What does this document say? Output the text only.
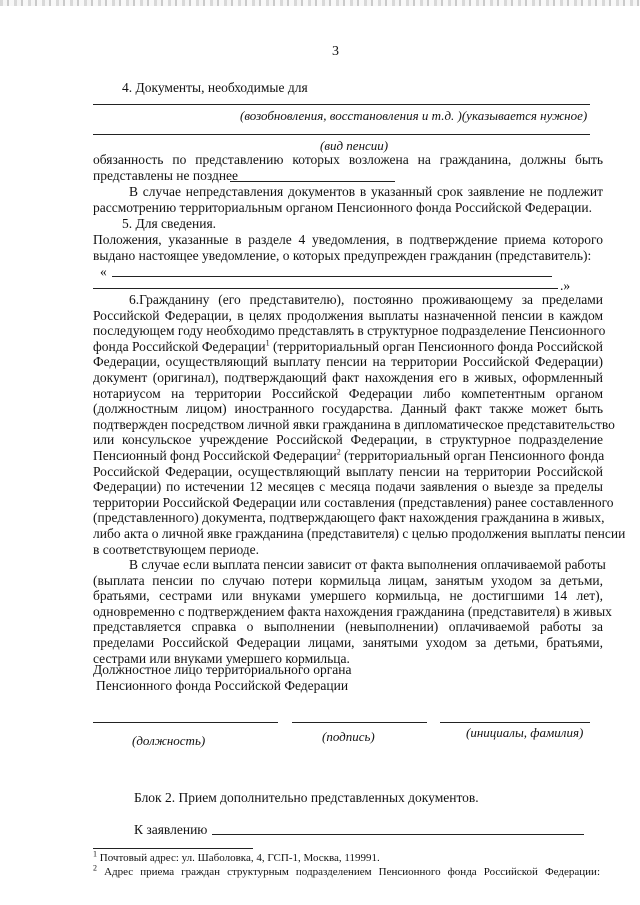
3
4. Документы, необходимые для
(возобновления, восстановления и т.д. )(указывается нужное)
(вид пенсии)
обязанность по представлению которых возложена на гражданина, должны быть
представлены не позднее
В случае непредставления документов в указанный срок заявление не подлежит
рассмотрению территориальным органом Пенсионного фонда Российской Федерации.
5. Для сведения.
Положения, указанные в разделе 4 уведомления, в подтверждение приема которого
выдано настоящее уведомление, о которых предупрежден гражданин (представитель):
«
.»
6.Гражданину (его представителю), постоянно проживающему за пределами
Российской Федерации, в целях продолжения выплаты назначенной пенсии в каждом
последующем году необходимо представлять в структурное подразделение Пенсионного
фонда Российской Федерации$^1$ (территориальный орган Пенсионного фонда Российской
Федерации, осуществляющий выплату пенсии на территории Российской Федерации)
документ (оригинал), подтверждающий факт нахождения его в живых, оформленный
нотариусом на территории Российской Федерации либо компетентным органом
(должностным лицом) иностранного государства. Данный факт также может быть
подтвержден посредством личной явки гражданина в дипломатическое представительство
или консульское учреждение Российской Федерации, в структурное подразделение
Пенсионный фонд Российской Федерации$^2$ (территориальный орган Пенсионного фонда
Российской Федерации, осуществляющий выплату пенсии на территории Российской
Федерации) по истечении 12 месяцев с месяца подачи заявления о выезде за пределы
территории Российской Федерации или составления (представления) ранее составленного
(представленного) документа, подтверждающего факт нахождения гражданина в живых,
либо акта о личной явке гражданина (представителя) с целью продолжения выплаты пенсии
в соответствующем периоде.
В случае если выплата пенсии зависит от факта выполнения оплачиваемой работы
(выплата пенсии по случаю потери кормильца лицам, занятым уходом за детьми,
братьями, сестрами или внуками умершего кормильца, не достигшими 14 лет),
одновременно с подтверждением факта нахождения гражданина (представителя) в живых
представляется справка о выполнении (невыполнении) оплачиваемой работы за
пределами Российской Федерации лицами, занятыми уходом за детьми, братьями,
сестрами или внуками умершего кормильца.
Должностное лицо территориального органа
Пенсионного фонда Российской Федерации
(должность)	(подпись)	(инициалы, фамилия)
Блок 2. Прием дополнительно представленных документов.
К заявлению
$^1$ Почтовый адрес: ул. Шаболовка, 4, ГСП-1, Москва, 119991.
$^2$ Адрес приема граждан структурным подразделением Пенсионного фонда Российской Федерации:
